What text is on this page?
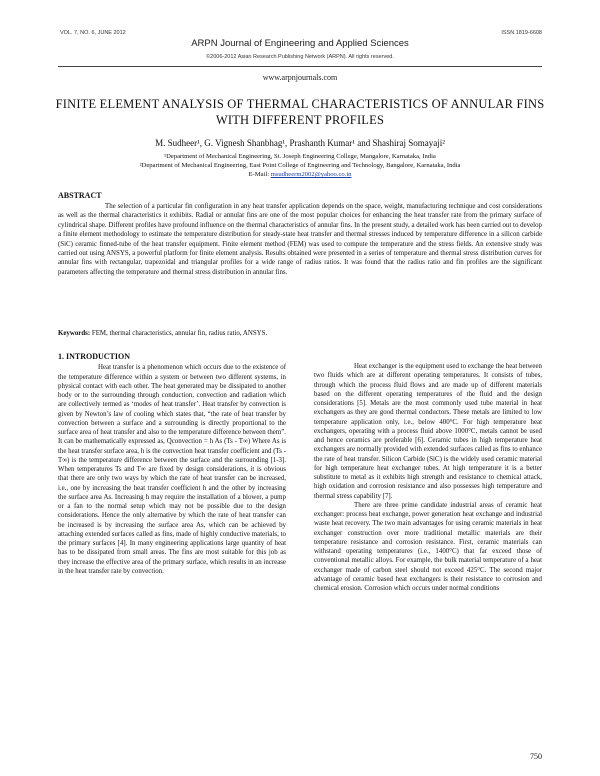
VOL. 7, NO. 6, JUNE 2012	ISSN 1819-6608
ARPN Journal of Engineering and Applied Sciences
©2006-2012 Asian Research Publishing Network (ARPN). All rights reserved.
www.arpnjournals.com
FINITE ELEMENT ANALYSIS OF THERMAL CHARACTERISTICS OF ANNULAR FINS WITH DIFFERENT PROFILES
M. Sudheer¹, G. Vignesh Shanbhag¹, Prashanth Kumar¹ and Shashiraj Somayaji²
¹Department of Mechanical Engineering, St. Joseph Engineering College, Mangalore, Karnataka, India
²Department of Mechanical Engineering, East Point College of Engineering and Technology, Bangalore, Karnataka, India
E-Mail: msudheerm2002@yahoo.co.in
ABSTRACT

The selection of a particular fin configuration in any heat transfer application depends on the space, weight, manufacturing technique and cost considerations as well as the thermal characteristics it exhibits. Radial or annular fins are one of the most popular choices for enhancing the heat transfer rate from the primary surface of cylindrical shape. Different profiles have profound influence on the thermal characteristics of annular fins. In the present study, a detailed work has been carried out to develop a finite element methodology to estimate the temperature distribution for steady-state heat transfer and thermal stresses induced by temperature difference in a silicon carbide (SiC) ceramic finned-tube of the heat transfer equipment. Finite element method (FEM) was used to compute the temperature and the stress fields. An extensive study was carried out using ANSYS, a powerful platform for finite element analysis. Results obtained were presented in a series of temperature and thermal stress distribution curves for annular fins with rectangular, trapezoidal and triangular profiles for a wide range of radius ratios. It was found that the radius ratio and fin profiles are the significant parameters affecting the temperature and thermal stress distribution in annular fins.

Keywords: FEM, thermal characteristics, annular fin, radius ratio, ANSYS.

1. INTRODUCTION

Heat transfer is a phenomenon which occurs due to the existence of the temperature difference within a system or between two different systems, in physical contact with each other. The heat generated may be dissipated to another body or to the surrounding through conduction, convection and radiation which are collectively termed as ‘modes of heat transfer’. Heat transfer by convection is given by Newton’s law of cooling which states that, “the rate of heat transfer by convection between a surface and a surrounding is directly proportional to the surface area of heat transfer and also to the temperature difference between them”. It can be mathematically expressed as, Qconvection = h As (Ts - T∞) Where As is the heat transfer surface area, h is the convection heat transfer coefficient and (Ts - T∞) is the temperature difference between the surface and the surrounding [1-3]. When temperatures Ts and T∞ are fixed by design considerations, it is obvious that there are only two ways by which the rate of heat transfer can be increased, i.e., one by increasing the heat transfer coefficient h and the other by increasing the surface area As. Increasing h may require the installation of a blower, a pump or a fan to the normal setup which may not be possible due to the design considerations. Hence the only alternative by which the rate of heat transfer can be increased is by increasing the surface area As, which can be achieved by attaching extended surfaces called as fins, made of highly conductive materials, to the primary surfaces [4]. In many engineering applications large quantity of heat has to be dissipated from small areas. The fins are most suitable for this job as they increase the effective area of the primary surface, which results in an increase in the heat transfer rate by convection.

Heat exchanger is the equipment used to exchange the heat between two fluids which are at different operating temperatures. It consists of tubes, through which the process fluid flows and are made up of different materials based on the different operating temperatures of the fluid and the design considerations [5]. Metals are the most commonly used tube material in heat exchangers as they are good thermal conductors. These metals are limited to low temperature application only, i.e., below 400°C. For high temperature heat exchangers, operating with a process fluid above 1000°C, metals cannot be used and hence ceramics are preferable [6]. Ceramic tubes in high temperature heat exchangers are normally provided with extended surfaces called as fins to enhance the rate of heat transfer. Silicon Carbide (SiC) is the widely used ceramic material for high temperature heat exchanger tubes. At high temperature it is a better substitute to metal as it exhibits high strength and resistance to chemical attack, high oxidation and corrosion resistance and also possesses high temperature and thermal stress capability [7].

There are three prime candidate industrial areas of ceramic heat exchanger: process heat exchange, power generation heat exchange and industrial waste heat recovery. The two main advantages for using ceramic materials in heat exchanger construction over more traditional metallic materials are their temperature resistance and corrosion resistance. First, ceramic materials can withstand operating temperatures (i.e., 1400°C) that far exceed those of conventional metallic alloys. For example, the bulk material temperature of a heat exchanger made of carbon steel should not exceed 425°C. The second major advantage of ceramic based heat exchangers is their resistance to corrosion and chemical erosion. Corrosion which occurs under normal conditions

750
